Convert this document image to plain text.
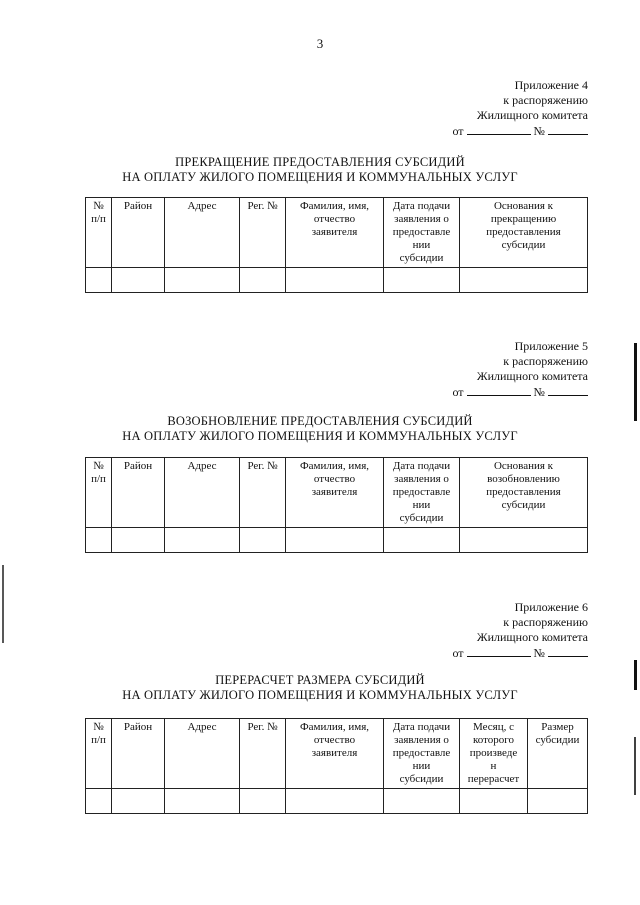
3
Приложение 4
к распоряжению
Жилищного комитета
от	№
ПРЕКРАЩЕНИЕ ПРЕДОСТАВЛЕНИЯ СУБСИДИЙ
НА ОПЛАТУ ЖИЛОГО ПОМЕЩЕНИЯ И КОММУНАЛЬНЫХ УСЛУГ
№
п/п	Район	Адрес	Рег. №	Фамилия, имя,
отчество
заявителя	Дата подачи
заявления о
предоставле
нии
субсидии	Основания к
прекращению
предоставления
субсидии

Приложение 5
к распоряжению
Жилищного комитета
от	№
ВОЗОБНОВЛЕНИЕ ПРЕДОСТАВЛЕНИЯ СУБСИДИЙ
НА ОПЛАТУ ЖИЛОГО ПОМЕЩЕНИЯ И КОММУНАЛЬНЫХ УСЛУГ
№
п/п	Район	Адрес	Рег. №	Фамилия, имя,
отчество
заявителя	Дата подачи
заявления о
предоставле
нии
субсидии	Основания к
возобновлению
предоставления
субсидии

Приложение 6
к распоряжению
Жилищного комитета
от	№
ПЕРЕРАСЧЕТ РАЗМЕРА СУБСИДИЙ
НА ОПЛАТУ ЖИЛОГО ПОМЕЩЕНИЯ И КОММУНАЛЬНЫХ УСЛУГ
№
п/п	Район	Адрес	Рег. №	Фамилия, имя,
отчество
заявителя	Дата подачи
заявления о
предоставле
нии
субсидии	Месяц, с
которого
произведе
н
перерасчет	Размер
субсидии
